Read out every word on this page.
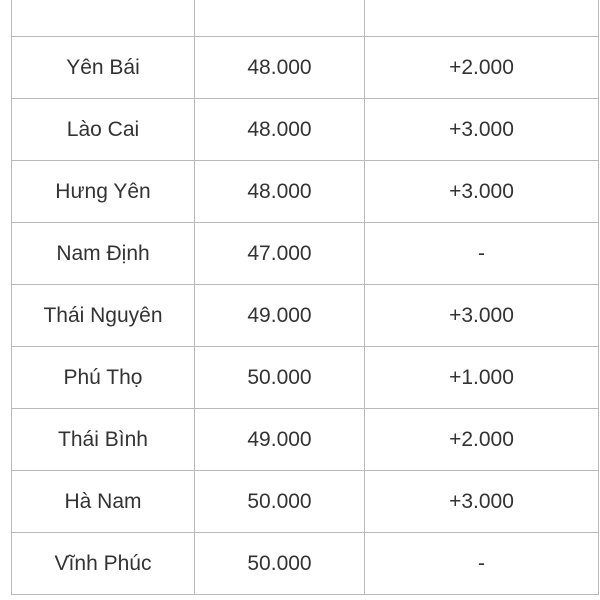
Yên Bái	48.000	+2.000
Lào Cai	48.000	+3.000
Hưng Yên	48.000	+3.000
Nam Định	47.000	-
Thái Nguyên	49.000	+3.000
Phú Thọ	50.000	+1.000
Thái Bình	49.000	+2.000
Hà Nam	50.000	+3.000
Vĩnh Phúc	50.000	-
